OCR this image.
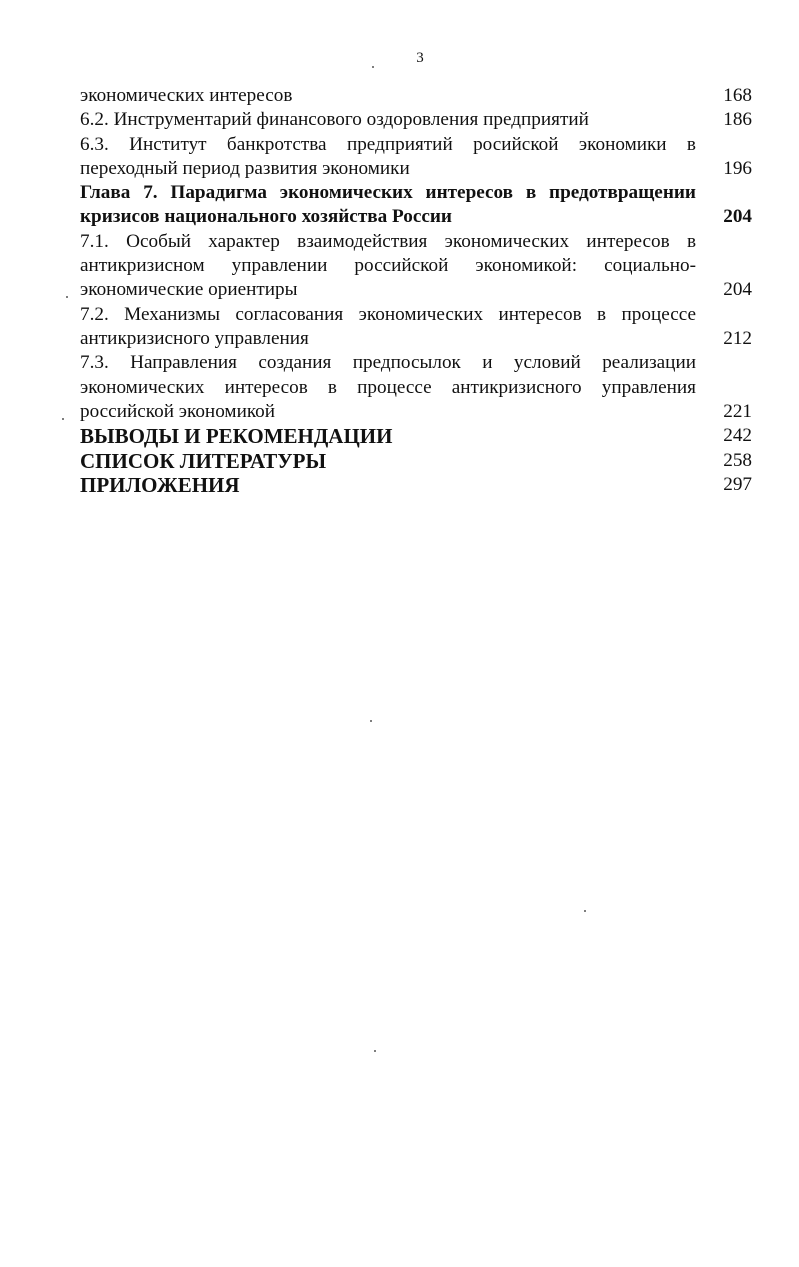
3
экономических интересов	168
6.2. Инструментарий финансового оздоровления предприятий	186
6.3. Институт банкротства предприятий росийской экономики в переходный период развития экономики	196
Глава 7. Парадигма экономических интересов в предотвращении кризисов национального хозяйства России	204
7.1. Особый характер взаимодействия экономических интересов в антикризисном управлении российской экономикой: социально-экономические ориентиры	204
7.2. Механизмы согласования экономических интересов в процессе антикризисного управления	212
7.3. Направления создания предпосылок и условий реализации экономических интересов в процессе антикризисного управления российской экономикой	221
ВЫВОДЫ И РЕКОМЕНДАЦИИ	242
СПИСОК ЛИТЕРАТУРЫ	258
ПРИЛОЖЕНИЯ	297
